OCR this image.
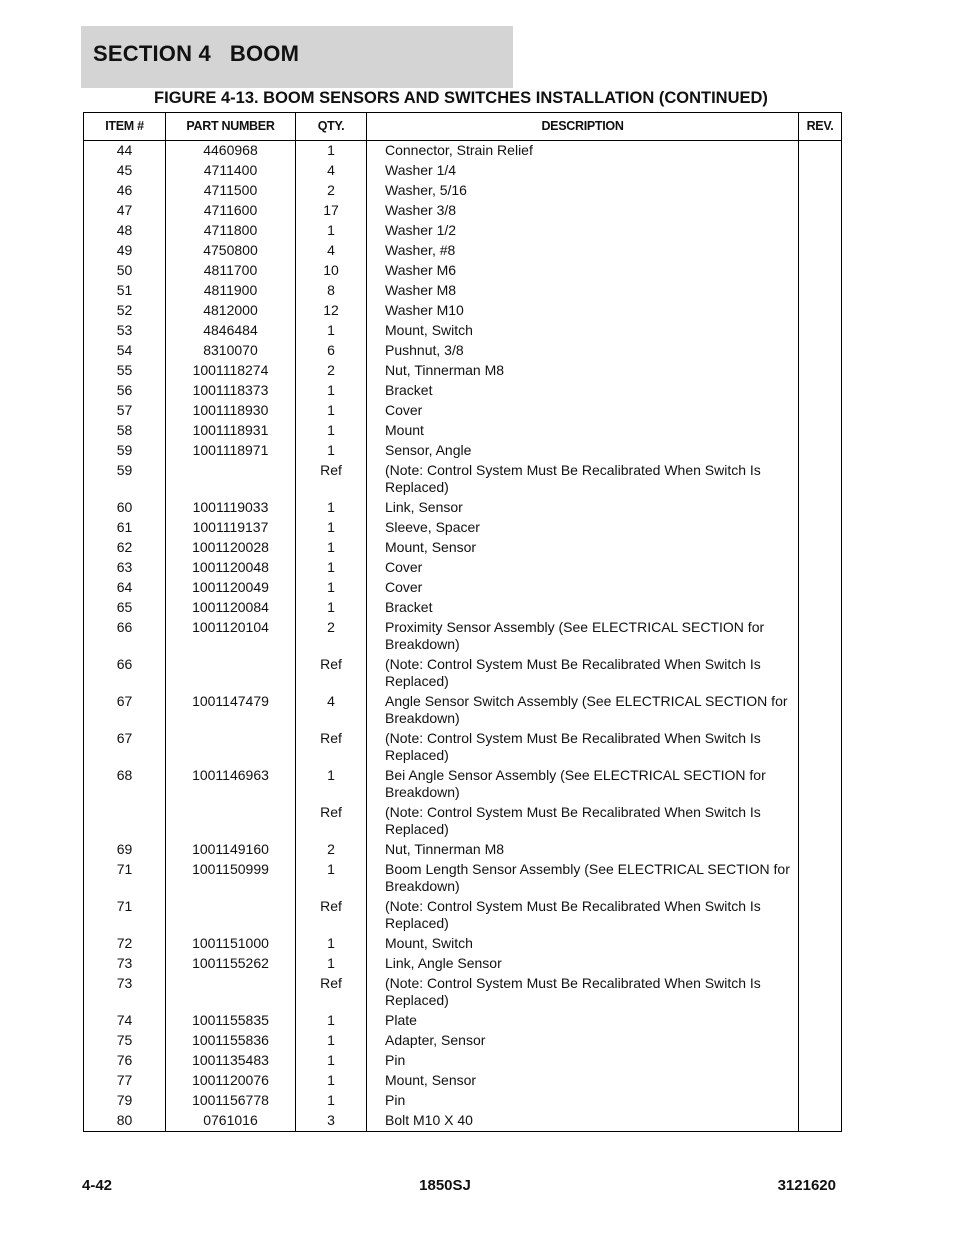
SECTION 4   BOOM
FIGURE 4-13. BOOM SENSORS AND SWITCHES INSTALLATION (CONTINUED)
ITEM #	PART NUMBER	QTY.	DESCRIPTION	REV.
44	4460968	1	Connector, Strain Relief	
45	4711400	4	Washer 1/4	
46	4711500	2	Washer, 5/16	
47	4711600	17	Washer 3/8	
48	4711800	1	Washer 1/2	
49	4750800	4	Washer, #8	
50	4811700	10	Washer M6	
51	4811900	8	Washer M8	
52	4812000	12	Washer M10	
53	4846484	1	Mount, Switch	
54	8310070	6	Pushnut, 3/8	
55	1001118274	2	Nut, Tinnerman M8	
56	1001118373	1	Bracket	
57	1001118930	1	Cover	
58	1001118931	1	Mount	
59	1001118971	1	Sensor, Angle	
59		Ref	(Note: Control System Must Be Recalibrated When Switch Is Replaced)	
60	1001119033	1	Link, Sensor	
61	1001119137	1	Sleeve, Spacer	
62	1001120028	1	Mount, Sensor	
63	1001120048	1	Cover	
64	1001120049	1	Cover	
65	1001120084	1	Bracket	
66	1001120104	2	Proximity Sensor Assembly (See ELECTRICAL SECTION for Breakdown)	
66		Ref	(Note: Control System Must Be Recalibrated When Switch Is Replaced)	
67	1001147479	4	Angle Sensor Switch Assembly (See ELECTRICAL SECTION for Breakdown)	
67		Ref	(Note: Control System Must Be Recalibrated When Switch Is Replaced)	
68	1001146963	1	Bei Angle Sensor Assembly (See ELECTRICAL SECTION for Breakdown)	
		Ref	(Note: Control System Must Be Recalibrated When Switch Is Replaced)	
69	1001149160	2	Nut, Tinnerman M8	
71	1001150999	1	Boom Length Sensor Assembly (See ELECTRICAL SECTION for Breakdown)	
71		Ref	(Note: Control System Must Be Recalibrated When Switch Is Replaced)	
72	1001151000	1	Mount, Switch	
73	1001155262	1	Link, Angle Sensor	
73		Ref	(Note: Control System Must Be Recalibrated When Switch Is Replaced)	
74	1001155835	1	Plate	
75	1001155836	1	Adapter, Sensor	
76	1001135483	1	Pin	
77	1001120076	1	Mount, Sensor	
79	1001156778	1	Pin	
80	0761016	3	Bolt M10 X 40	
4-42	1850SJ	3121620
